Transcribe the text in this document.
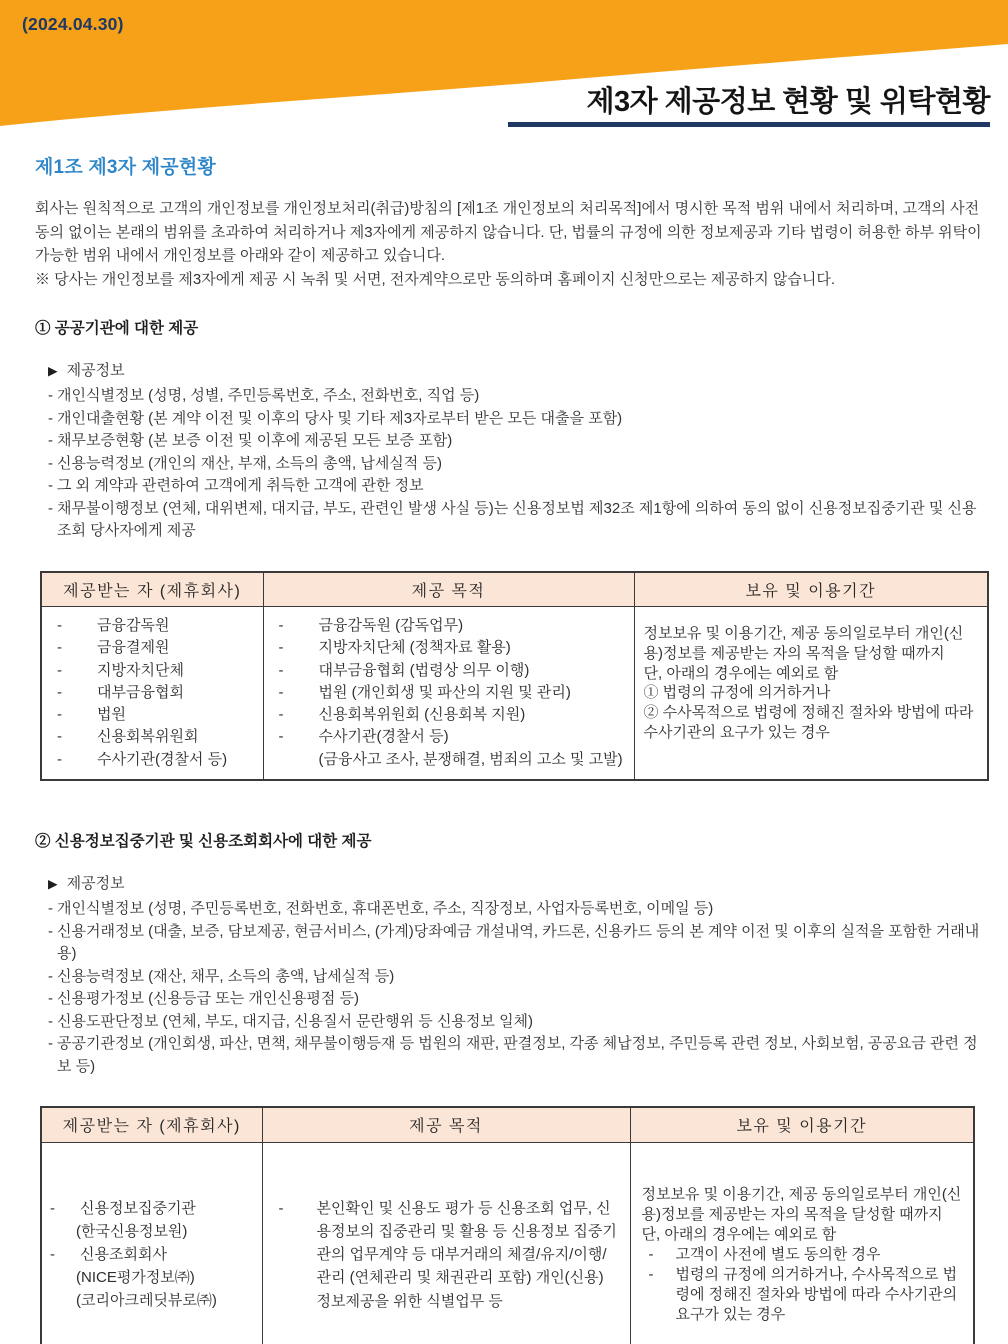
(2024.04.30)
제3자 제공정보 현황 및 위탁현황
제1조 제3자 제공현황

회사는 원칙적으로 고객의 개인정보를 개인정보처리(취급)방침의 [제1조 개인정보의 처리목적]에서 명시한 목적 범위 내에서 처리하며, 고객의 사전동의 없이는 본래의 범위를 초과하여 처리하거나 제3자에게 제공하지 않습니다. 단, 법률의 규정에 의한 정보제공과 기타 법령이 허용한 하부 위탁이 가능한 범위 내에서 개인정보를 아래와 같이 제공하고 있습니다.

※ 당사는 개인정보를 제3자에게 제공 시 녹취 및 서면, 전자계약으로만 동의하며 홈페이지 신청만으로는 제공하지 않습니다.

① 공공기관에 대한 제공
▶ 제공정보
- 개인식별정보 (성명, 성별, 주민등록번호, 주소, 전화번호, 직업 등)
- 개인대출현황 (본 계약 이전 및 이후의 당사 및 기타 제3자로부터 받은 모든 대출을 포함)
- 채무보증현황 (본 보증 이전 및 이후에 제공된 모든 보증 포함)
- 신용능력정보 (개인의 재산, 부재, 소득의 총액, 납세실적 등)
- 그 외 계약과 관련하여 고객에게 취득한 고객에 관한 정보
- 채무불이행정보 (연체, 대위변제, 대지급, 부도, 관련인 발생 사실 등)는 신용정보법 제32조 제1항에 의하여 동의 없이 신용정보집중기관 및 신용조회 당사자에게 제공
제공받는 자 (제휴회사)	제공 목적	보유 및 이용기간

- 금융감독원
- 금융결제원
- 지방자치단체
- 대부금융협회
- 법원
- 신용회복위원회
- 수사기관(경찰서 등)

- 금융감독원 (감독업무)
- 지방자치단체 (정책자료 활용)
- 대부금융협회 (법령상 의무 이행)
- 법원 (개인회생 및 파산의 지원 및 관리)
- 신용회복위원회 (신용회복 지원)
- 수사기관(경찰서 등)
(금융사고 조사, 분쟁해결, 범죄의 고소 및 고발)

정보보유 및 이용기간, 제공 동의일로부터 개인(신용)정보를 제공받는 자의 목적을 달성할 때까지
단, 아래의 경우에는 예외로 함
① 법령의 규정에 의거하거나
② 수사목적으로 법령에 정해진 절차와 방법에 따라 수사기관의 요구가 있는 경우
② 신용정보집중기관 및 신용조회회사에 대한 제공
▶ 제공정보
- 개인식별정보 (성명, 주민등록번호, 전화번호, 휴대폰번호, 주소, 직장정보, 사업자등록번호, 이메일 등)
- 신용거래정보 (대출, 보증, 담보제공, 현금서비스, (가계)당좌예금 개설내역, 카드론, 신용카드 등의 본 계약 이전 및 이후의 실적을 포함한 거래내용)
- 신용능력정보 (재산, 채무, 소득의 총액, 납세실적 등)
- 신용평가정보 (신용등급 또는 개인신용평점 등)
- 신용도판단정보 (연체, 부도, 대지급, 신용질서 문란행위 등 신용정보 일체)
- 공공기관정보 (개인회생, 파산, 면책, 채무불이행등재 등 법원의 재판, 판결정보, 각종 체납정보, 주민등록 관련 정보, 사회보험, 공공요금 관련 정보 등)
제공받는 자 (제휴회사)	제공 목적	보유 및 이용기간

- 신용정보집중기관
(한국신용정보원)
- 신용조회회사
(NICE평가정보㈜)
(코리아크레딧뷰로㈜)

- 본인확인 및 신용도 평가 등 신용조회 업무, 신용정보의 집중관리 및 활용 등 신용정보 집중기관의 업무계약 등 대부거래의 체결/유지/이행/관리 (연체관리 및 채권관리 포함) 개인(신용)정보제공을 위한 식별업무 등

정보보유 및 이용기간, 제공 동의일로부터 개인(신용)정보를 제공받는 자의 목적을 달성할 때까지
단, 아래의 경우에는 예외로 함
- 고객이 사전에 별도 동의한 경우
- 법령의 규정에 의거하거나, 수사목적으로 법령에 정해진 절차와 방법에 따라 수사기관의 요구가 있는 경우
